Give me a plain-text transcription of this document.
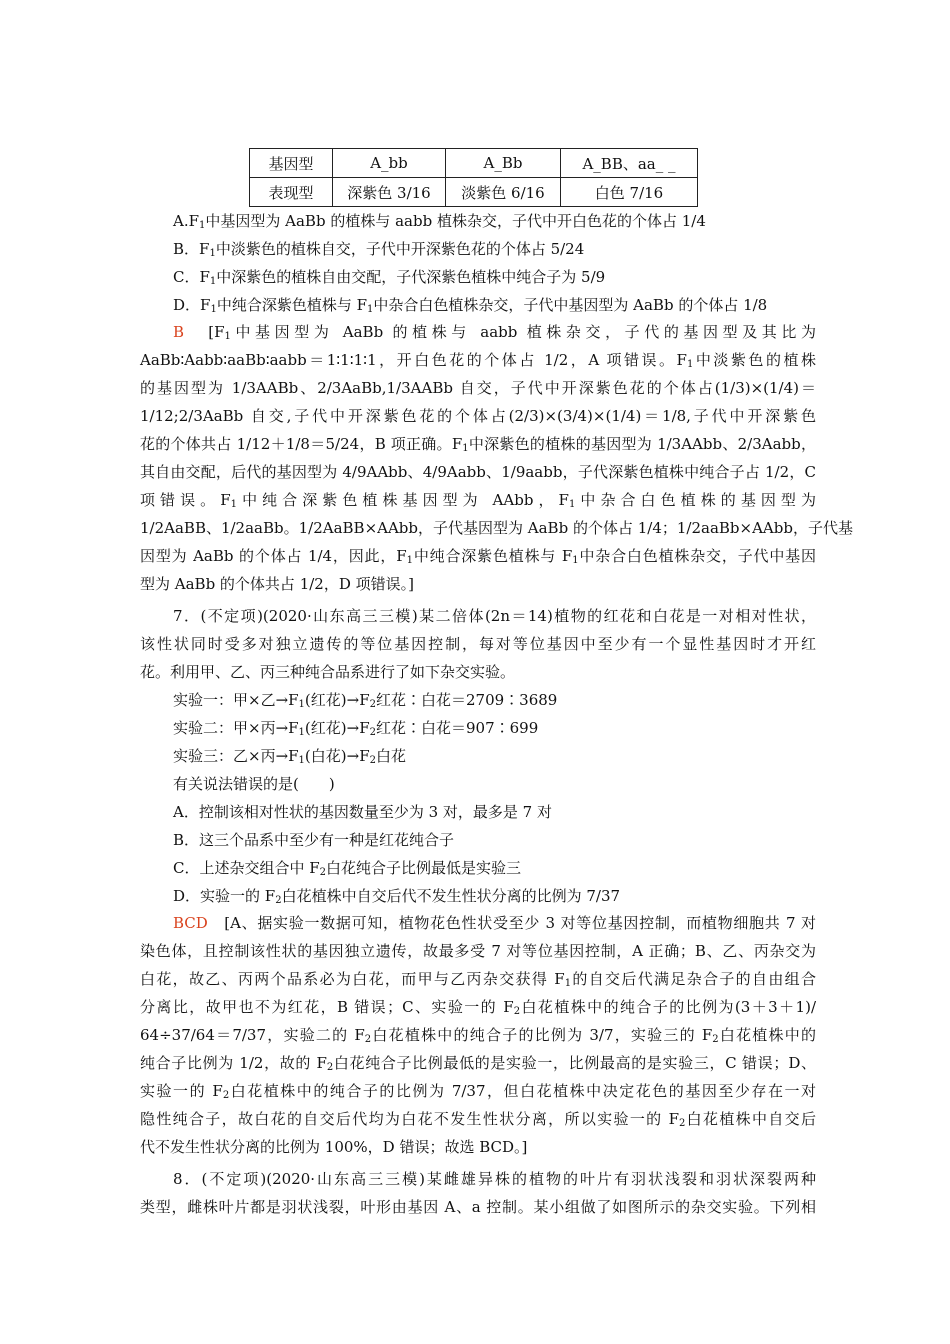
基因型	A_bb	A_Bb	A_BB、aa_ _
表现型	深紫色 3/16	淡紫色 6/16	白色 7/16
$A.F_1$中基因型为 AaBb 的植株与 aabb 植株杂交，子代中开白色花的个体占 1/4
B．$F_1$中淡紫色的植株自交，子代中开深紫色花的个体占 5/24
C．$F_1$中深紫色的植株自由交配，子代深紫色植株中纯合子为 5/9
D．$F_1$中纯合深紫色植株与 $F_1$中杂合白色植株杂交，子代中基因型为 AaBb 的个体占 1/8
B　 [$F_1$中基因型为 AaBb 的植株与 aabb 植株杂交，子代的基因型及其比为
AaBb∶Aabb∶aaBb∶aabb＝1∶1∶1∶1，开白色花的个体占 1/2，A 项错误。$F_1$中淡紫色的植株
的基因型为 1/3AABb、2/3AaBb,1/3AABb 自交，子代中开深紫色花的个体占(1/3)×(1/4)＝
1/12;2/3AaBb 自交,子代中开深紫色花的个体占(2/3)×(3/4)×(1/4)＝1/8,子代中开深紫色
花的个体共占 1/12＋1/8＝5/24，B 项正确。$F_1$中深紫色的植株的基因型为 1/3AAbb、2/3Aabb，
其自由交配，后代的基因型为 4/9AAbb、4/9Aabb、1/9aabb，子代深紫色植株中纯合子占 1/2，C
项错误。$F_1$中纯合深紫色植株基因型为 AAbb，$F_1$中杂合白色植株的基因型为
1/2AaBB、1/2aaBb。1/2AaBB×AAbb，子代基因型为 AaBb 的个体占 1/4；1/2aaBb×AAbb，子代基
因型为 AaBb 的个体占 1/4，因此，$F_1$中纯合深紫色植株与 $F_1$中杂合白色植株杂交，子代中基因
型为 AaBb 的个体共占 1/2，D 项错误。]
7．(不定项)(2020·山东高三三模)某二倍体(2n＝14)植物的红花和白花是一对相对性状，
该性状同时受多对独立遗传的等位基因控制，每对等位基因中至少有一个显性基因时才开红
花。利用甲、乙、丙三种纯合品系进行了如下杂交实验。
实验一：甲×乙$\to F_1$(红花)$\to F_2$红花∶白花＝2709∶3689
实验二：甲×丙$\to F_1$(红花)$\to F_2$红花∶白花＝907∶699
实验三：乙×丙$\to F_1$(白花)$\to F_2$白花
有关说法错误的是(　　)
A．控制该相对性状的基因数量至少为 3 对，最多是 7 对
B．这三个品系中至少有一种是红花纯合子
C．上述杂交组合中 $F_2$白花纯合子比例最低是实验三
D．实验一的 $F_2$白花植株中自交后代不发生性状分离的比例为 7/37
BCD　 [A、据实验一数据可知，植物花色性状受至少 3 对等位基因控制，而植物细胞共 7 对
染色体，且控制该性状的基因独立遗传，故最多受 7 对等位基因控制，A 正确；B、乙、丙杂交为
白花，故乙、丙两个品系必为白花，而甲与乙丙杂交获得 $F_1$的自交后代满足杂合子的自由组合
分离比，故甲也不为红花，B 错误；C、实验一的 $F_2$白花植株中的纯合子的比例为(3＋3＋1)/
64÷37/64＝7/37，实验二的 $F_2$白花植株中的纯合子的比例为 3/7，实验三的 $F_2$白花植株中的
纯合子比例为 1/2，故的 $F_2$白花纯合子比例最低的是实验一，比例最高的是实验三，C 错误；D、
实验一的 $F_2$白花植株中的纯合子的比例为 7/37，但白花植株中决定花色的基因至少存在一对
隐性纯合子，故白花的自交后代均为白花不发生性状分离，所以实验一的 $F_2$白花植株中自交后
代不发生性状分离的比例为 100%，D 错误；故选 BCD。]
8．(不定项)(2020·山东高三三模)某雌雄异株的植物的叶片有羽状浅裂和羽状深裂两种
类型，雌株叶片都是羽状浅裂，叶形由基因 A、a 控制。某小组做了如图所示的杂交实验。下列相
